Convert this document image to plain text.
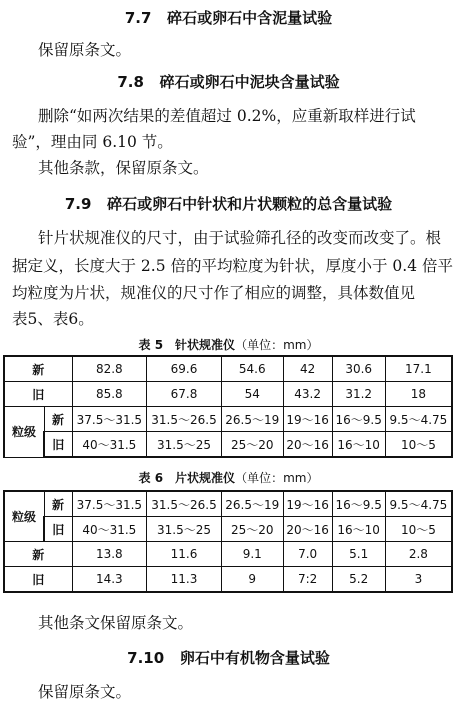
7.7 碎石或卵石中含泥量试验
保留原条文。
7.8 碎石或卵石中泥块含量试验
删除“如两次结果的差值超过 0.2%，应重新取样进行试
验”，理由同 6.10 节。
其他条款，保留原条文。
7.9 碎石或卵石中针状和片状颗粒的总含量试验
针片状规准仪的尺寸，由于试验筛孔径的改变而改变了。根
据定义，长度大于 2.5 倍的平均粒度为针状，厚度小于 0.4 倍平
均粒度为片状，规准仪的尺寸作了相应的调整，具体数值见
表5、表6。
表 5　针状规准仪（单位：mm）
新		82.8	69.6	54.6	42	30.6	17.1
旧		85.8	67.8	54	43.2	31.2	18
粒级	新	37.5～31.5	31.5～26.5	26.5～19	19～16	16～9.5	9.5～4.75
	旧	40～31.5	31.5～25	25～20	20～16	16～10	10～5
表 6　片状规准仪（单位：mm）
粒级	新	37.5～31.5	31.5～26.5	26.5～19	19～16	16～9.5	9.5～4.75
	旧	40～31.5	31.5～25	25～20	20～16	16～10	10～5
新		13.8	11.6	9.1	7.0	5.1	2.8
旧		14.3	11.3	9	7:2	5.2	3
其他条文保留原条文。
7.10 卵石中有机物含量试验
保留原条文。
